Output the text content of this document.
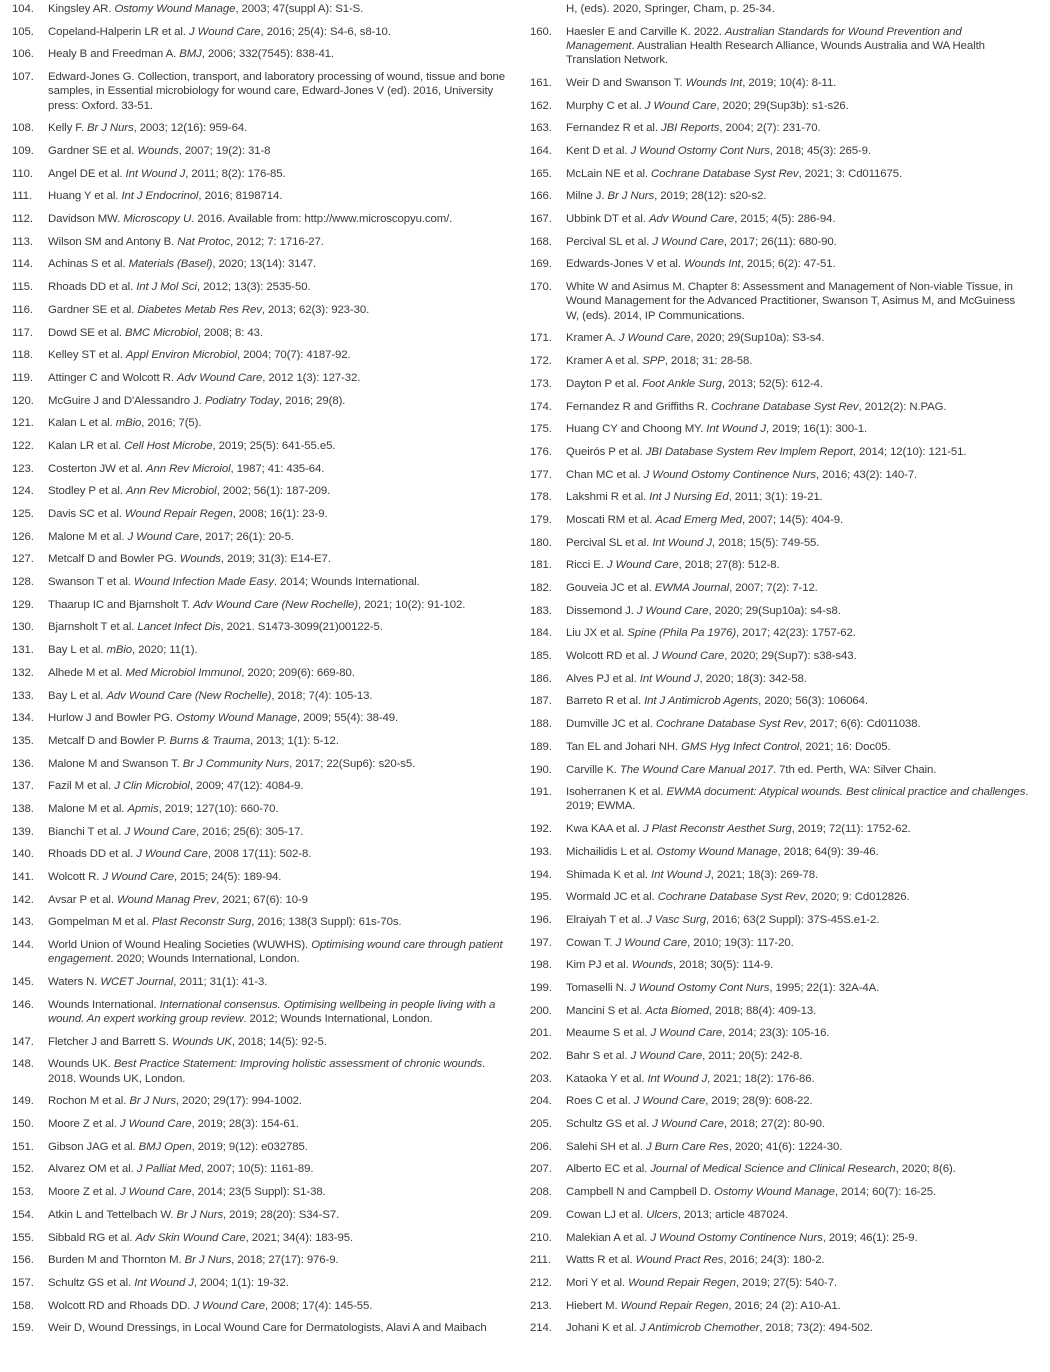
104.	Kingsley AR. Ostomy Wound Manage, 2003; 47(suppl A): S1-S.
105.	Copeland-Halperin LR et al. J Wound Care, 2016; 25(4): S4-6, s8-10.
106.	Healy B and Freedman A. BMJ, 2006; 332(7545): 838-41.
107.	Edward-Jones G. Collection, transport, and laboratory processing of wound, tissue and bone samples, in Essential microbiology for wound care, Edward-Jones V (ed). 2016, University press: Oxford. 33-51.
108.	Kelly F. Br J Nurs, 2003; 12(16): 959-64.
109.	Gardner SE et al. Wounds, 2007; 19(2): 31-8
110.	Angel DE et al. Int Wound J, 2011; 8(2): 176-85.
111.	Huang Y et al. Int J Endocrinol, 2016; 8198714.
112.	Davidson MW. Microscopy U. 2016. Available from: http://www.microscopyu.com/.
113.	Wilson SM and Antony B. Nat Protoc, 2012; 7: 1716-27.
114.	Achinas S et al. Materials (Basel), 2020; 13(14): 3147.
115.	Rhoads DD et al. Int J Mol Sci, 2012; 13(3): 2535-50.
116.	Gardner SE et al. Diabetes Metab Res Rev, 2013; 62(3): 923-30.
117.	Dowd SE et al. BMC Microbiol, 2008; 8: 43.
118.	Kelley ST et al. Appl Environ Microbiol, 2004; 70(7): 4187-92.
119.	Attinger C and Wolcott R. Adv Wound Care, 2012 1(3): 127-32.
120.	McGuire J and D'Alessandro J. Podiatry Today, 2016; 29(8).
121.	Kalan L et al. mBio, 2016; 7(5).
122.	Kalan LR et al. Cell Host Microbe, 2019; 25(5): 641-55.e5.
123.	Costerton JW et al. Ann Rev Microiol, 1987; 41: 435-64.
124.	Stodley P et al. Ann Rev Microbiol, 2002; 56(1): 187-209.
125.	Davis SC et al. Wound Repair Regen, 2008; 16(1): 23-9.
126.	Malone M et al. J Wound Care, 2017; 26(1): 20-5.
127.	Metcalf D and Bowler PG. Wounds, 2019; 31(3): E14-E7.
128.	Swanson T et al. Wound Infection Made Easy. 2014; Wounds International.
129.	Thaarup IC and Bjarnsholt T. Adv Wound Care (New Rochelle), 2021; 10(2): 91-102.
130.	Bjarnsholt T et al. Lancet Infect Dis, 2021. S1473-3099(21)00122-5.
131.	Bay L et al. mBio, 2020; 11(1).
132.	Alhede M et al. Med Microbiol Immunol, 2020; 209(6): 669-80.
133.	Bay L et al. Adv Wound Care (New Rochelle), 2018; 7(4): 105-13.
134.	Hurlow J and Bowler PG. Ostomy Wound Manage, 2009; 55(4): 38-49.
135.	Metcalf D and Bowler P. Burns & Trauma, 2013; 1(1): 5-12.
136.	Malone M and Swanson T. Br J Community Nurs, 2017; 22(Sup6): s20-s5.
137.	Fazil M et al. J Clin Microbiol, 2009; 47(12): 4084-9.
138.	Malone M et al. Apmis, 2019; 127(10): 660-70.
139.	Bianchi T et al. J Wound Care, 2016; 25(6): 305-17.
140.	Rhoads DD et al. J Wound Care, 2008 17(11): 502-8.
141.	Wolcott R. J Wound Care, 2015; 24(5): 189-94.
142.	Avsar P et al. Wound Manag Prev, 2021; 67(6): 10-9
143.	Gompelman M et al. Plast Reconstr Surg, 2016; 138(3 Suppl): 61s-70s.
144.	World Union of Wound Healing Societies (WUWHS). Optimising wound care through patient engagement. 2020; Wounds International, London.
145.	Waters N. WCET Journal, 2011; 31(1): 41-3.
146.	Wounds International. International consensus. Optimising wellbeing in people living with a wound. An expert working group review. 2012; Wounds International, London.
147.	Fletcher J and Barrett S. Wounds UK, 2018; 14(5): 92-5.
148.	Wounds UK. Best Practice Statement: Improving holistic assessment of chronic wounds. 2018. Wounds UK, London.
149.	Rochon M et al. Br J Nurs, 2020; 29(17): 994-1002.
150.	Moore Z et al. J Wound Care, 2019; 28(3): 154-61.
151.	Gibson JAG et al. BMJ Open, 2019; 9(12): e032785.
152.	Alvarez OM et al. J Palliat Med, 2007; 10(5): 1161-89.
153.	Moore Z et al. J Wound Care, 2014; 23(5 Suppl): S1-38.
154.	Atkin L and Tettelbach W. Br J Nurs, 2019; 28(20): S34-S7.
155.	Sibbald RG et al. Adv Skin Wound Care, 2021; 34(4): 183-95.
156.	Burden M and Thornton M. Br J Nurs, 2018; 27(17): 976-9.
157.	Schultz GS et al. Int Wound J, 2004; 1(1): 19-32.
158.	Wolcott RD and Rhoads DD. J Wound Care, 2008; 17(4): 145-55.
159.	Weir D, Wound Dressings, in Local Wound Care for Dermatologists, Alavi A and Maibach
H, (eds). 2020, Springer, Cham, p. 25-34.
160.	Haesler E and Carville K. 2022. Australian Standards for Wound Prevention and Management. Australian Health Research Alliance, Wounds Australia and WA Health Translation Network.
161.	Weir D and Swanson T. Wounds Int, 2019; 10(4): 8-11.
162.	Murphy C et al. J Wound Care, 2020; 29(Sup3b): s1-s26.
163.	Fernandez R et al. JBI Reports, 2004; 2(7): 231-70.
164.	Kent D et al. J Wound Ostomy Cont Nurs, 2018; 45(3): 265-9.
165.	McLain NE et al. Cochrane Database Syst Rev, 2021; 3: Cd011675.
166.	Milne J. Br J Nurs, 2019; 28(12): s20-s2.
167.	Ubbink DT et al. Adv Wound Care, 2015; 4(5): 286-94.
168.	Percival SL et al. J Wound Care, 2017; 26(11): 680-90.
169.	Edwards-Jones V et al. Wounds Int, 2015; 6(2): 47-51.
170.	White W and Asimus M. Chapter 8: Assessment and Management of Non-viable Tissue, in Wound Management for the Advanced Practitioner, Swanson T, Asimus M, and McGuiness W, (eds). 2014, IP Communications.
171.	Kramer A. J Wound Care, 2020; 29(Sup10a): S3-s4.
172.	Kramer A et al. SPP, 2018; 31: 28-58.
173.	Dayton P et al. Foot Ankle Surg, 2013; 52(5): 612-4.
174.	Fernandez R and Griffiths R. Cochrane Database Syst Rev, 2012(2): N.PAG.
175.	Huang CY and Choong MY. Int Wound J, 2019; 16(1): 300-1.
176.	Queirós P et al. JBI Database System Rev Implem Report, 2014; 12(10): 121-51.
177.	Chan MC et al. J Wound Ostomy Continence Nurs, 2016; 43(2): 140-7.
178.	Lakshmi R et al. Int J Nursing Ed, 2011; 3(1): 19-21.
179.	Moscati RM et al. Acad Emerg Med, 2007; 14(5): 404-9.
180.	Percival SL et al. Int Wound J, 2018; 15(5): 749-55.
181.	Ricci E. J Wound Care, 2018; 27(8): 512-8.
182.	Gouveia JC et al. EWMA Journal, 2007; 7(2): 7-12.
183.	Dissemond J. J Wound Care, 2020; 29(Sup10a): s4-s8.
184.	Liu JX et al. Spine (Phila Pa 1976), 2017; 42(23): 1757-62.
185.	Wolcott RD et al. J Wound Care, 2020; 29(Sup7): s38-s43.
186.	Alves PJ et al. Int Wound J, 2020; 18(3): 342-58.
187.	Barreto R et al. Int J Antimicrob Agents, 2020; 56(3): 106064.
188.	Dumville JC et al. Cochrane Database Syst Rev, 2017; 6(6): Cd011038.
189.	Tan EL and Johari NH. GMS Hyg Infect Control, 2021; 16: Doc05.
190.	Carville K. The Wound Care Manual 2017. 7th ed. Perth, WA: Silver Chain.
191.	Isoherranen K et al. EWMA document: Atypical wounds. Best clinical practice and challenges. 2019; EWMA.
192.	Kwa KAA et al. J Plast Reconstr Aesthet Surg, 2019; 72(11): 1752-62.
193.	Michailidis L et al. Ostomy Wound Manage, 2018; 64(9): 39-46.
194.	Shimada K et al. Int Wound J, 2021; 18(3): 269-78.
195.	Wormald JC et al. Cochrane Database Syst Rev, 2020; 9: Cd012826.
196.	Elraiyah T et al. J Vasc Surg, 2016; 63(2 Suppl): 37S-45S.e1-2.
197.	Cowan T. J Wound Care, 2010; 19(3): 117-20.
198.	Kim PJ et al. Wounds, 2018; 30(5): 114-9.
199.	Tomaselli N. J Wound Ostomy Cont Nurs, 1995; 22(1): 32A-4A.
200.	Mancini S et al. Acta Biomed, 2018; 88(4): 409-13.
201.	Meaume S et al. J Wound Care, 2014; 23(3): 105-16.
202.	Bahr S et al. J Wound Care, 2011; 20(5): 242-8.
203.	Kataoka Y et al. Int Wound J, 2021; 18(2): 176-86.
204.	Roes C et al. J Wound Care, 2019; 28(9): 608-22.
205.	Schultz GS et al. J Wound Care, 2018; 27(2): 80-90.
206.	Salehi SH et al. J Burn Care Res, 2020; 41(6): 1224-30.
207.	Alberto EC et al. Journal of Medical Science and Clinical Research, 2020; 8(6).
208.	Campbell N and Campbell D. Ostomy Wound Manage, 2014; 60(7): 16-25.
209.	Cowan LJ et al. Ulcers, 2013; article 487024.
210.	Malekian A et al. J Wound Ostomy Continence Nurs, 2019; 46(1): 25-9.
211.	Watts R et al. Wound Pract Res, 2016; 24(3): 180-2.
212.	Mori Y et al. Wound Repair Regen, 2019; 27(5): 540-7.
213.	Hiebert M. Wound Repair Regen, 2016; 24 (2): A10-A1.
214.	Johani K et al. J Antimicrob Chemother, 2018; 73(2): 494-502.
